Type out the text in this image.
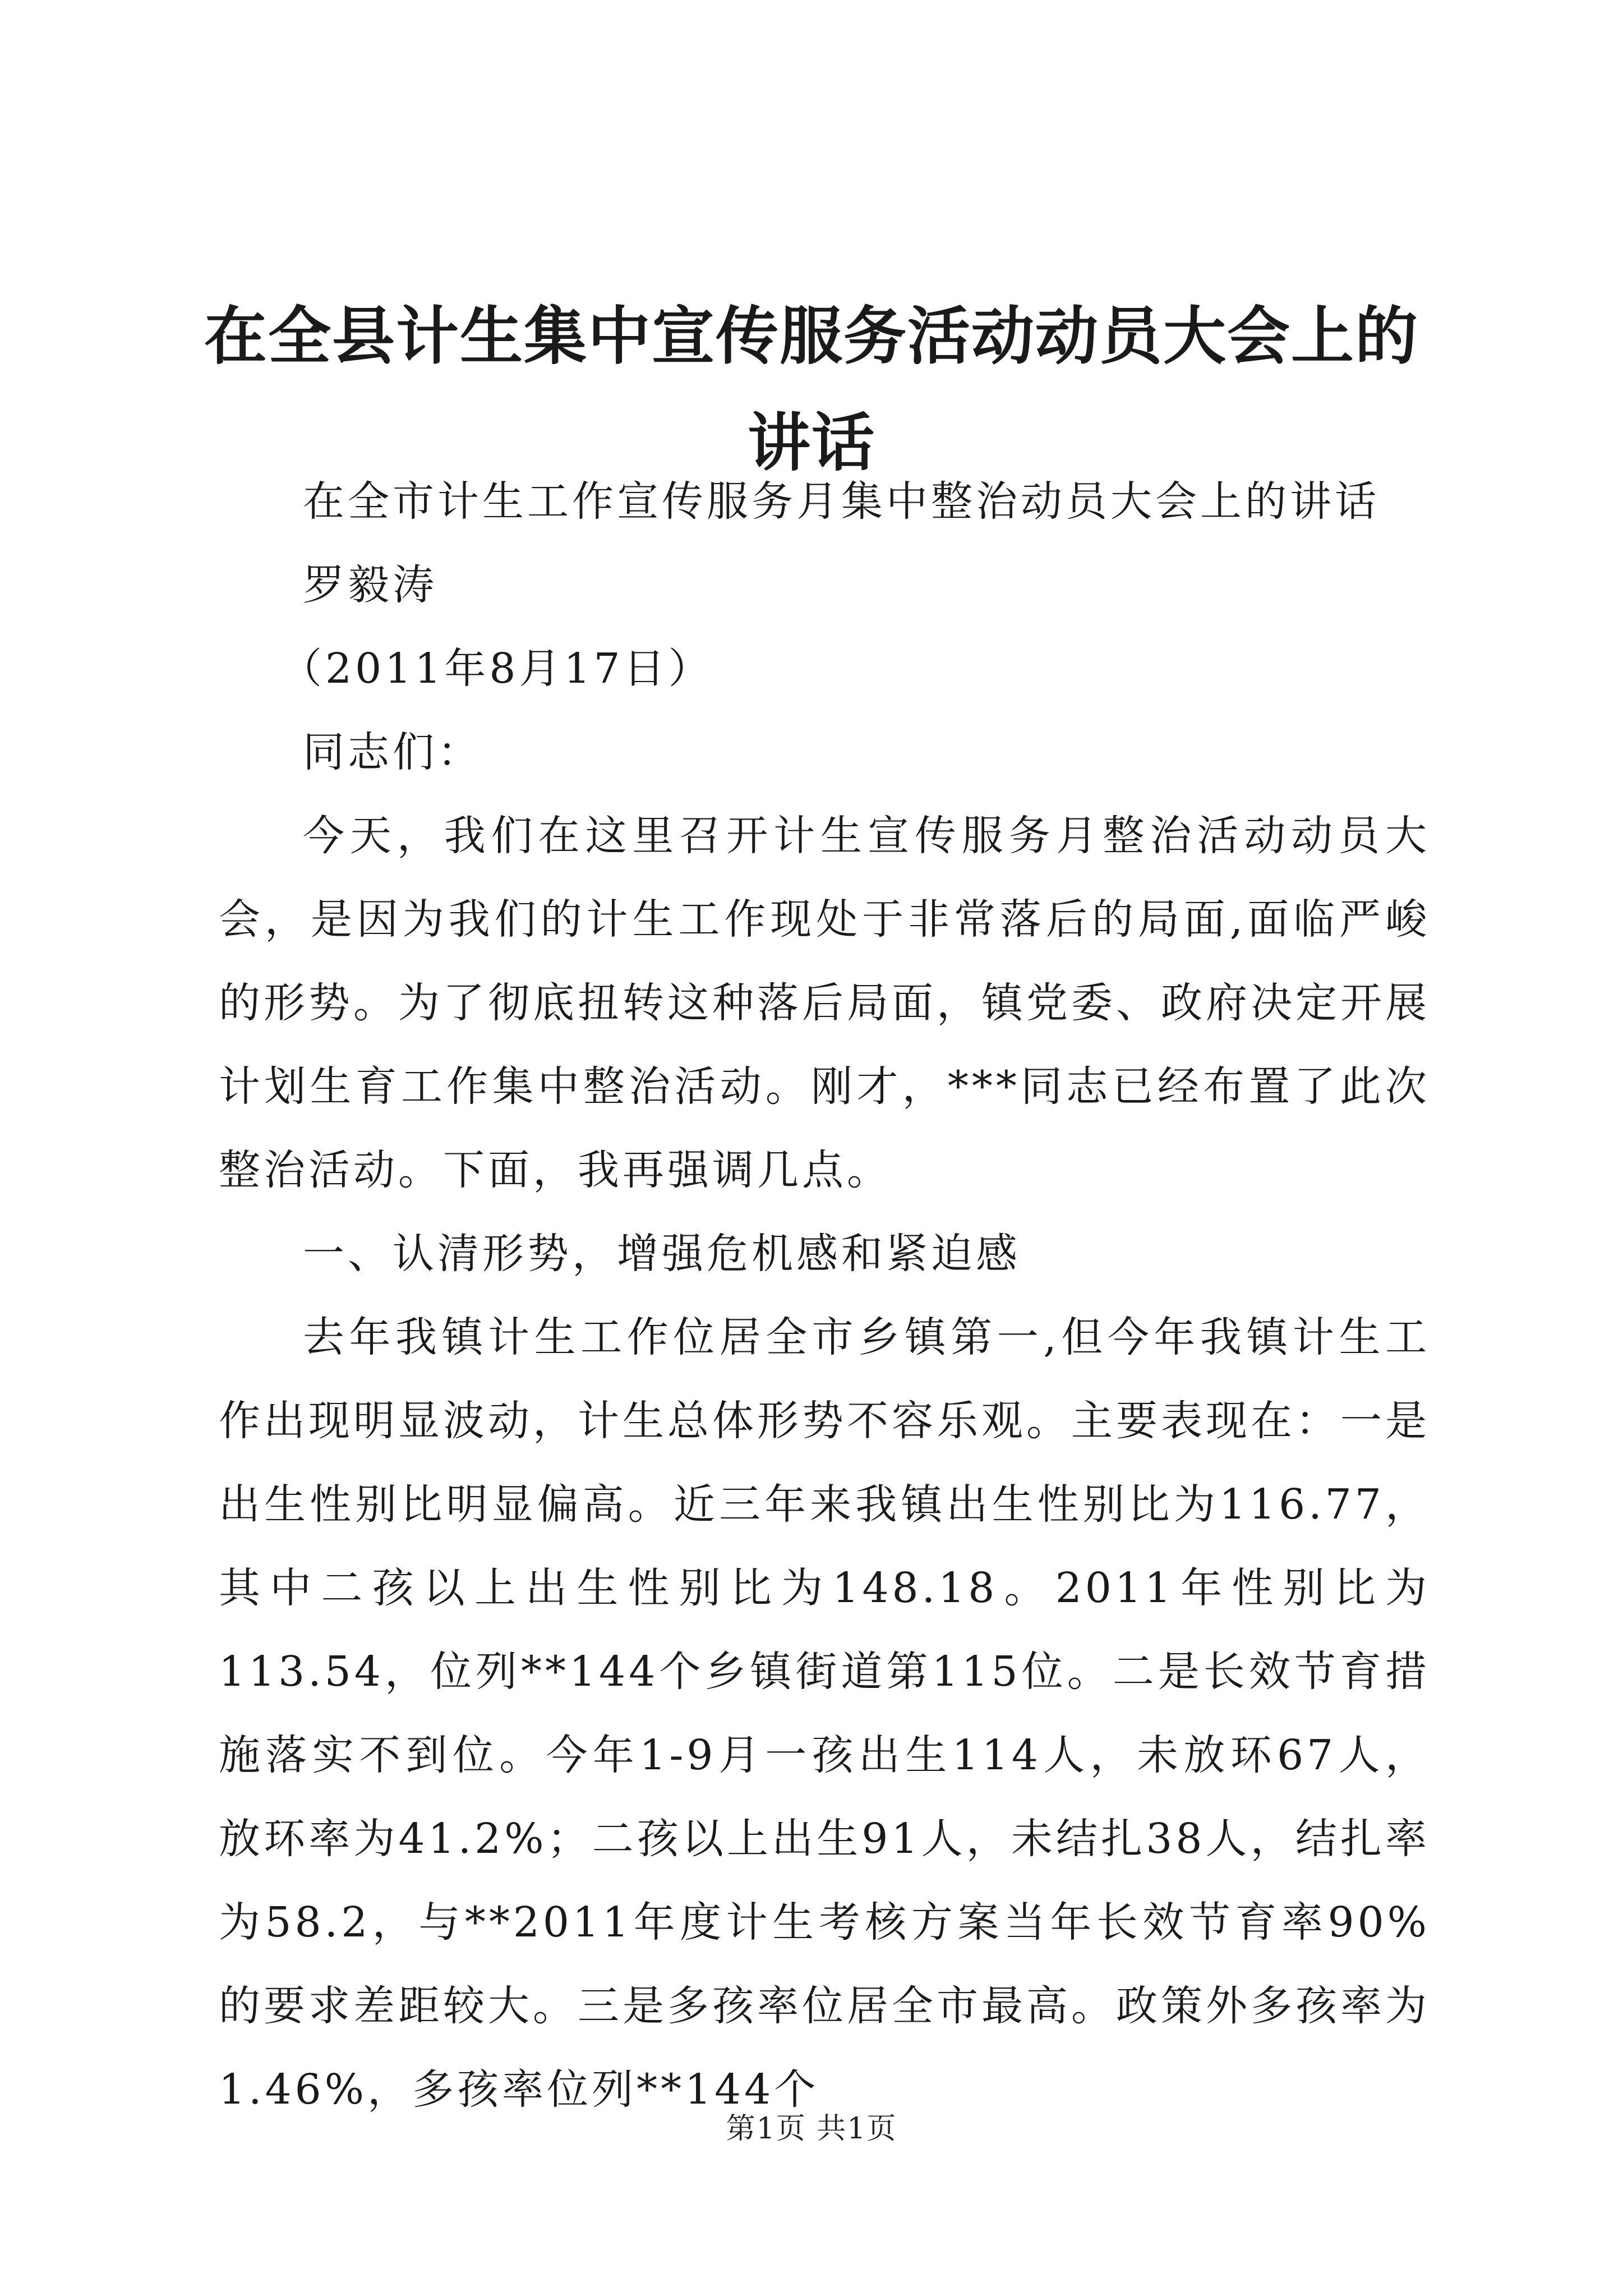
在全县计生集中宣传服务活动动员大会上的讲话

在全市计生工作宣传服务月集中整治动员大会上的讲话

罗毅涛

（2011年8月17日）

同志们：

今天，我们在这里召开计生宣传服务月整治活动动员大会，是因为我们的计生工作现处于非常落后的局面,面临严峻的形势。为了彻底扭转这种落后局面，镇党委、政府决定开展计划生育工作集中整治活动。刚才，***同志已经布置了此次整治活动。下面，我再强调几点。

一、认清形势，增强危机感和紧迫感

去年我镇计生工作位居全市乡镇第一,但今年我镇计生工作出现明显波动，计生总体形势不容乐观。主要表现在：一是出生性别比明显偏高。近三年来我镇出生性别比为116.77，其中二孩以上出生性别比为148.18。2011年性别比为113.54，位列**144个乡镇街道第115位。二是长效节育措施落实不到位。今年1-9月一孩出生114人，未放环67人，放环率为41.2%；二孩以上出生91人，未结扎38人，结扎率为58.2，与**2011年度计生考核方案当年长效节育率90%的要求差距较大。三是多孩率位居全市最高。政策外多孩率为1.46%，多孩率位列**144个

第1页 共1页
